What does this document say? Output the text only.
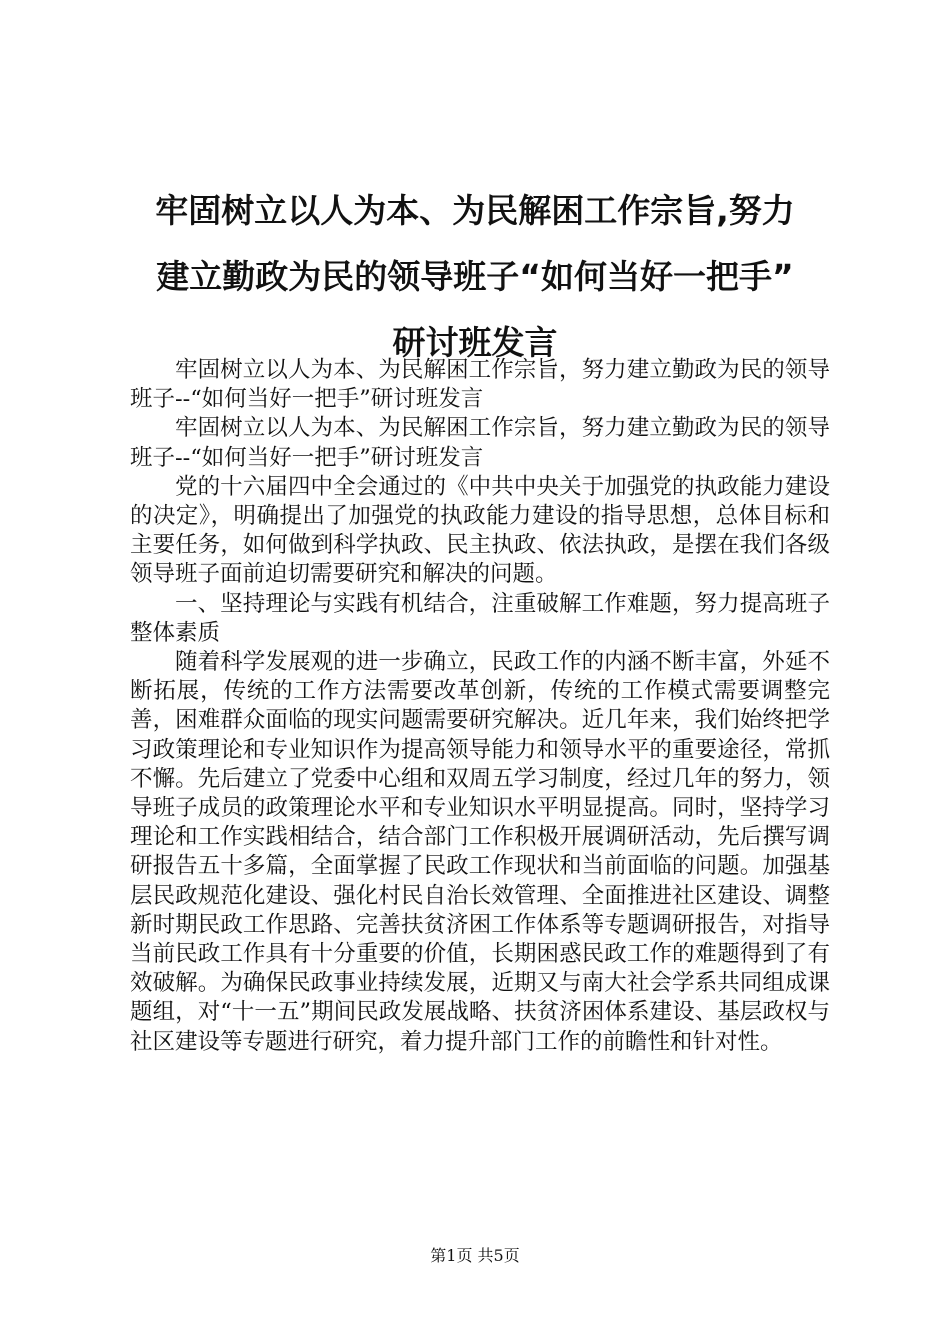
牢固树立以人为本、为民解困工作宗旨,努力
建立勤政为民的领导班子“如何当好一把手”
研讨班发言

牢固树立以人为本、为民解困工作宗旨，努力建立勤政为民的领导班子--“如何当好一把手”研讨班发言

牢固树立以人为本、为民解困工作宗旨，努力建立勤政为民的领导班子--“如何当好一把手”研讨班发言

党的十六届四中全会通过的《中共中央关于加强党的执政能力建设的决定》，明确提出了加强党的执政能力建设的指导思想，总体目标和主要任务，如何做到科学执政、民主执政、依法执政，是摆在我们各级领导班子面前迫切需要研究和解决的问题。

一、坚持理论与实践有机结合，注重破解工作难题，努力提高班子整体素质

随着科学发展观的进一步确立，民政工作的内涵不断丰富，外延不断拓展，传统的工作方法需要改革创新，传统的工作模式需要调整完善，困难群众面临的现实问题需要研究解决。近几年来，我们始终把学习政策理论和专业知识作为提高领导能力和领导水平的重要途径，常抓不懈。先后建立了党委中心组和双周五学习制度，经过几年的努力，领导班子成员的政策理论水平和专业知识水平明显提高。同时，坚持学习理论和工作实践相结合，结合部门工作积极开展调研活动，先后撰写调研报告五十多篇，全面掌握了民政工作现状和当前面临的问题。加强基层民政规范化建设、强化村民自治长效管理、全面推进社区建设、调整新时期民政工作思路、完善扶贫济困工作体系等专题调研报告，对指导当前民政工作具有十分重要的价值，长期困惑民政工作的难题得到了有效破解。为确保民政事业持续发展，近期又与南大社会学系共同组成课题组，对“十一五”期间民政发展战略、扶贫济困体系建设、基层政权与社区建设等专题进行研究，着力提升部门工作的前瞻性和针对性。

第1页 共5页
